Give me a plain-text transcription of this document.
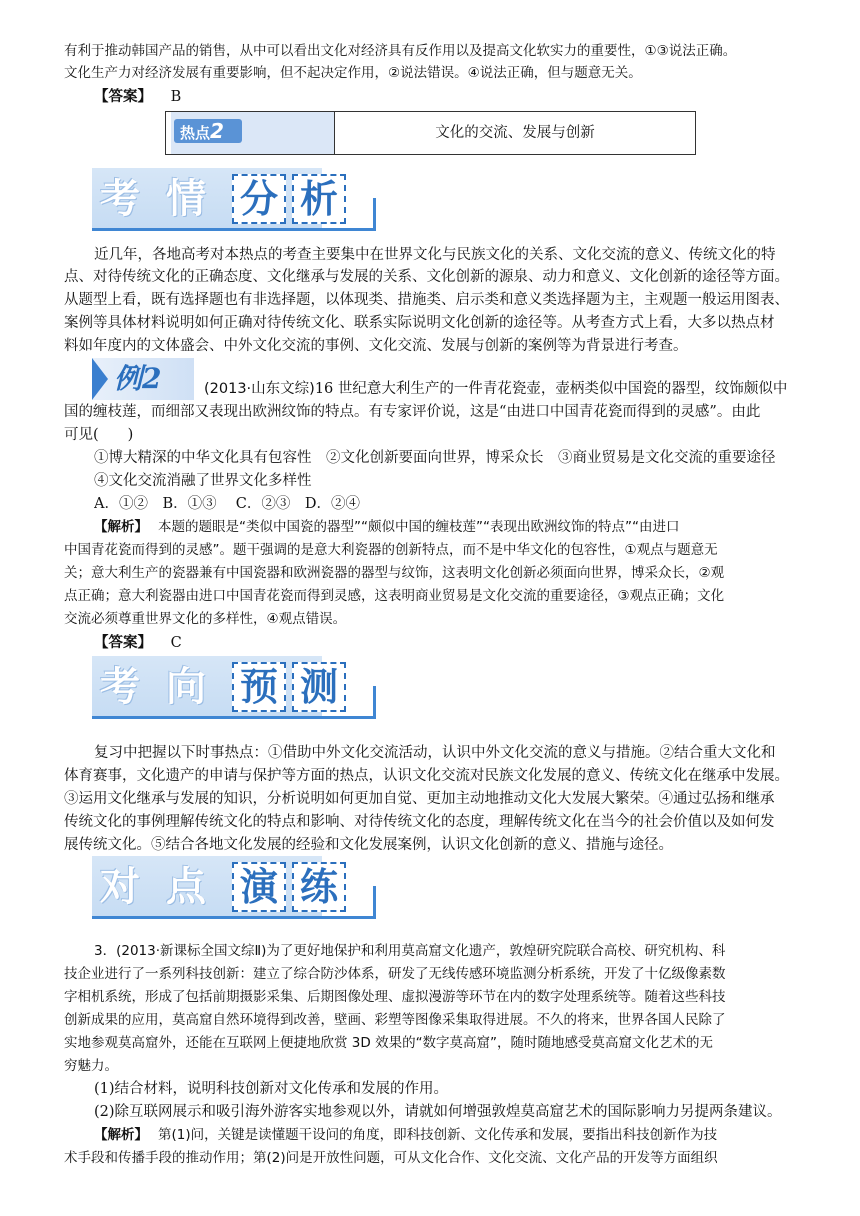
有利于推动韩国产品的销售，从中可以看出文化对经济具有反作用以及提高文化软实力的重要性，①③说法正确。
文化生产力对经济发展有重要影响，但不起决定作用，②说法错误。④说法正确，但与题意无关。
【答案】 B
热点2	文化的交流、发展与创新
考 情 分 析
近几年，各地高考对本热点的考查主要集中在世界文化与民族文化的关系、文化交流的意义、传统文化的特
点、对待传统文化的正确态度、文化继承与发展的关系、文化创新的源泉、动力和意义、文化创新的途径等方面。
从题型上看，既有选择题也有非选择题，以体现类、措施类、启示类和意义类选择题为主，主观题一般运用图表、
案例等具体材料说明如何正确对待传统文化、联系实际说明文化创新的途径等。从考查方式上看，大多以热点材
料如年度内的文体盛会、中外文化交流的事例、文化交流、发展与创新的案例等为背景进行考查。
例2	(2013·山东文综)16 世纪意大利生产的一件青花瓷壶，壶柄类似中国瓷的器型，纹饰颇似中
国的缠枝莲，而细部又表现出欧洲纹饰的特点。有专家评价说，这是“由进口中国青花瓷而得到的灵感”。由此
可见(　　)
①博大精深的中华文化具有包容性　②文化创新要面向世界，博采众长　③商业贸易是文化交流的重要途径
④文化交流消融了世界文化多样性
A．①②　B．①③　 C．②③　D．②④
【解析】 本题的题眼是“类似中国瓷的器型”“颇似中国的缠枝莲”“表现出欧洲纹饰的特点”“由进口
中国青花瓷而得到的灵感”。题干强调的是意大利瓷器的创新特点，而不是中华文化的包容性，①观点与题意无
关；意大利生产的瓷器兼有中国瓷器和欧洲瓷器的器型与纹饰，这表明文化创新必须面向世界，博采众长，②观
点正确；意大利瓷器由进口中国青花瓷而得到灵感，这表明商业贸易是文化交流的重要途径，③观点正确；文化
交流必须尊重世界文化的多样性，④观点错误。
【答案】 C
考 向 预 测
复习中把握以下时事热点：①借助中外文化交流活动，认识中外文化交流的意义与措施。②结合重大文化和
体育赛事，文化遗产的申请与保护等方面的热点，认识文化交流对民族文化发展的意义、传统文化在继承中发展。
③运用文化继承与发展的知识，分析说明如何更加自觉、更加主动地推动文化大发展大繁荣。④通过弘扬和继承
传统文化的事例理解传统文化的特点和影响、对待传统文化的态度，理解传统文化在当今的社会价值以及如何发
展传统文化。⑤结合各地文化发展的经验和文化发展案例，认识文化创新的意义、措施与途径。
对 点 演 练
3．(2013·新课标全国文综Ⅱ)为了更好地保护和利用莫高窟文化遗产，敦煌研究院联合高校、研究机构、科
技企业进行了一系列科技创新：建立了综合防沙体系，研发了无线传感环境监测分析系统，开发了十亿级像素数
字相机系统，形成了包括前期摄影采集、后期图像处理、虚拟漫游等环节在内的数字处理系统等。随着这些科技
创新成果的应用，莫高窟自然环境得到改善，壁画、彩塑等图像采集取得进展。不久的将来，世界各国人民除了
实地参观莫高窟外，还能在互联网上便捷地欣赏 3D 效果的“数字莫高窟”，随时随地感受莫高窟文化艺术的无
穷魅力。
(1)结合材料，说明科技创新对文化传承和发展的作用。
(2)除互联网展示和吸引海外游客实地参观以外，请就如何增强敦煌莫高窟艺术的国际影响力另提两条建议。
【解析】 第(1)问，关键是读懂题干设问的角度，即科技创新、文化传承和发展，要指出科技创新作为技
术手段和传播手段的推动作用；第(2)问是开放性问题，可从文化合作、文化交流、文化产品的开发等方面组织
